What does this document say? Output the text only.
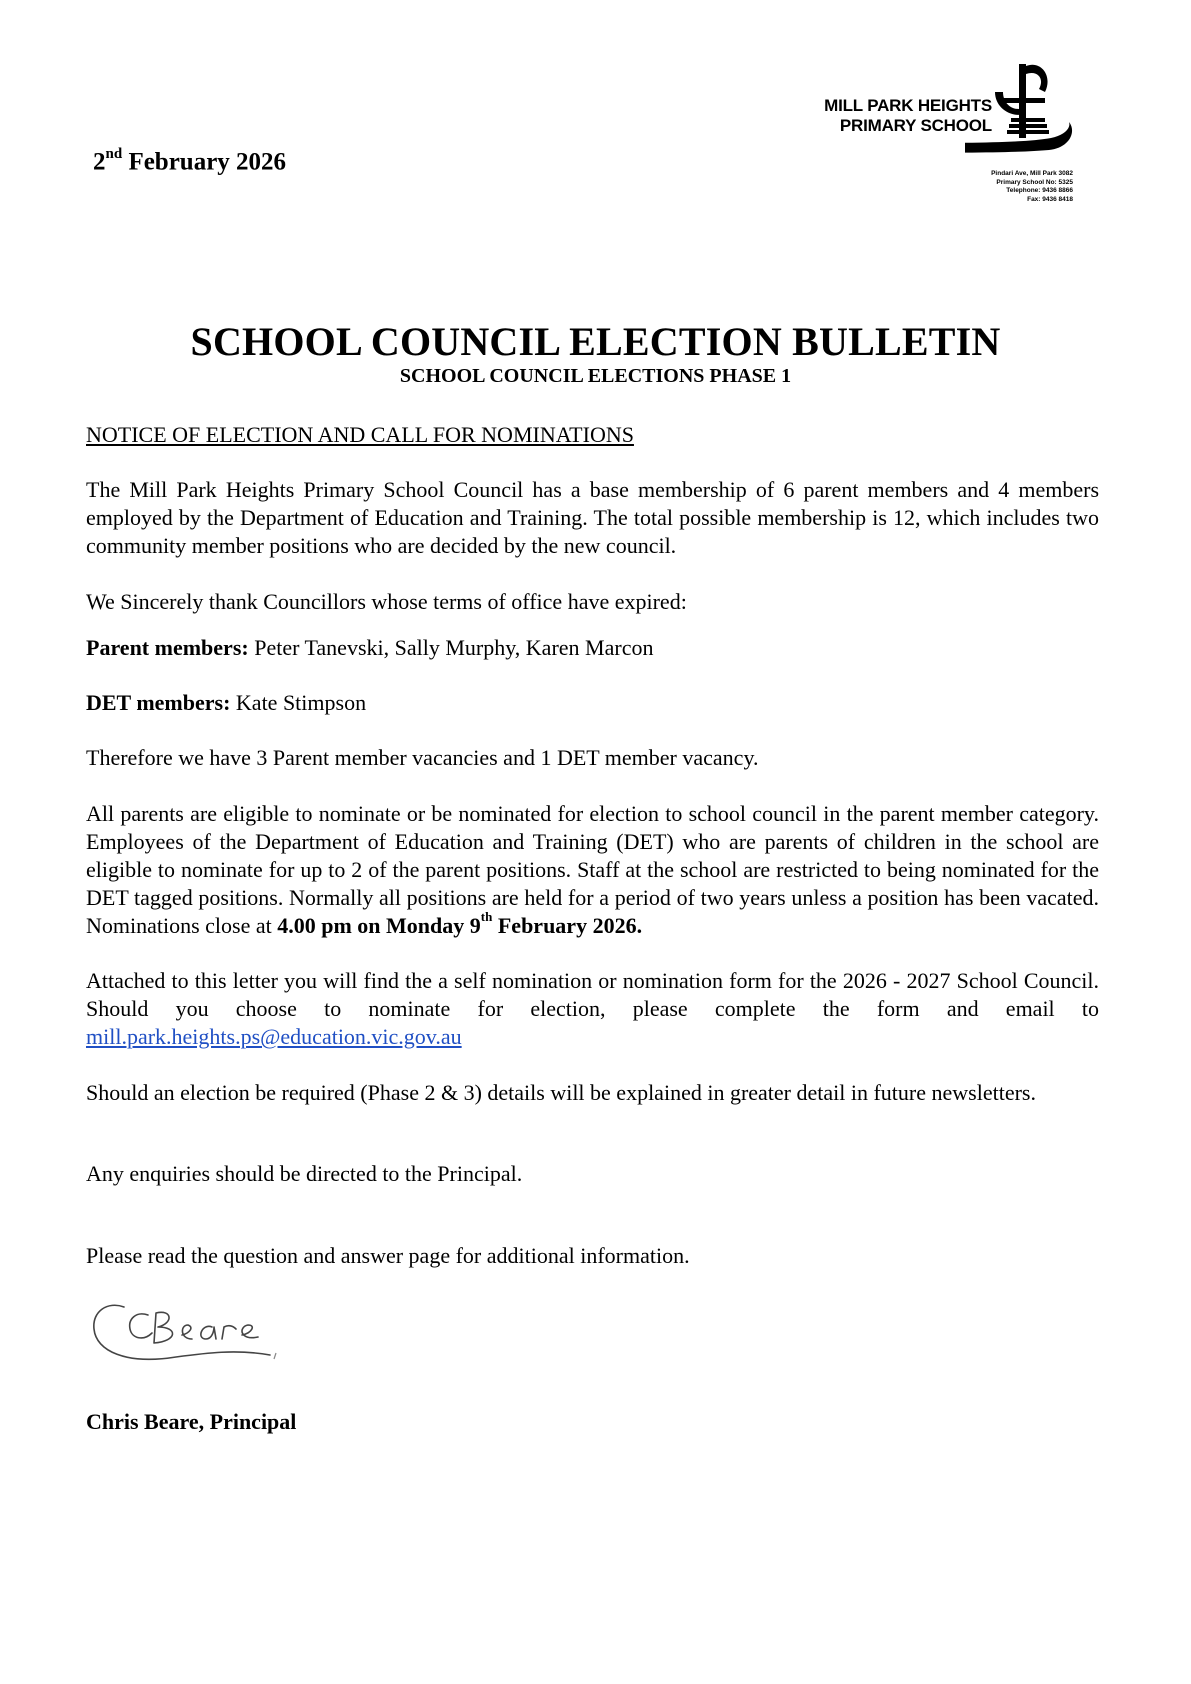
2nd February 2026
MILL PARK HEIGHTS
PRIMARY SCHOOL
Pindari Ave, Mill Park 3082
Primary School No: 5325
Telephone: 9436 8866
Fax: 9436 8418
SCHOOL COUNCIL ELECTION BULLETIN
SCHOOL COUNCIL ELECTIONS PHASE 1
NOTICE OF ELECTION AND CALL FOR NOMINATIONS
The Mill Park Heights Primary School Council has a base membership of 6 parent members and 4 members employed by the Department of Education and Training. The total possible membership is 12, which includes two community member positions who are decided by the new council.
We Sincerely thank Councillors whose terms of office have expired:
Parent members: Peter Tanevski, Sally Murphy, Karen Marcon
DET members: Kate Stimpson
Therefore we have 3 Parent member vacancies and 1 DET member vacancy.
All parents are eligible to nominate or be nominated for election to school council in the parent member category. Employees of the Department of Education and Training (DET) who are parents of children in the school are eligible to nominate for up to 2 of the parent positions. Staff at the school are restricted to being nominated for the DET tagged positions. Normally all positions are held for a period of two years unless a position has been vacated. Nominations close at 4.00 pm on Monday 9th February 2026.
Attached to this letter you will find the a self nomination or nomination form for the 2026 - 2027 School Council. Should you choose to nominate for election, please complete the form and email to mill.park.heights.ps@education.vic.gov.au
Should an election be required (Phase 2 & 3) details will be explained in greater detail in future newsletters.
Any enquiries should be directed to the Principal.
Please read the question and answer page for additional information.
Chris Beare, Principal
